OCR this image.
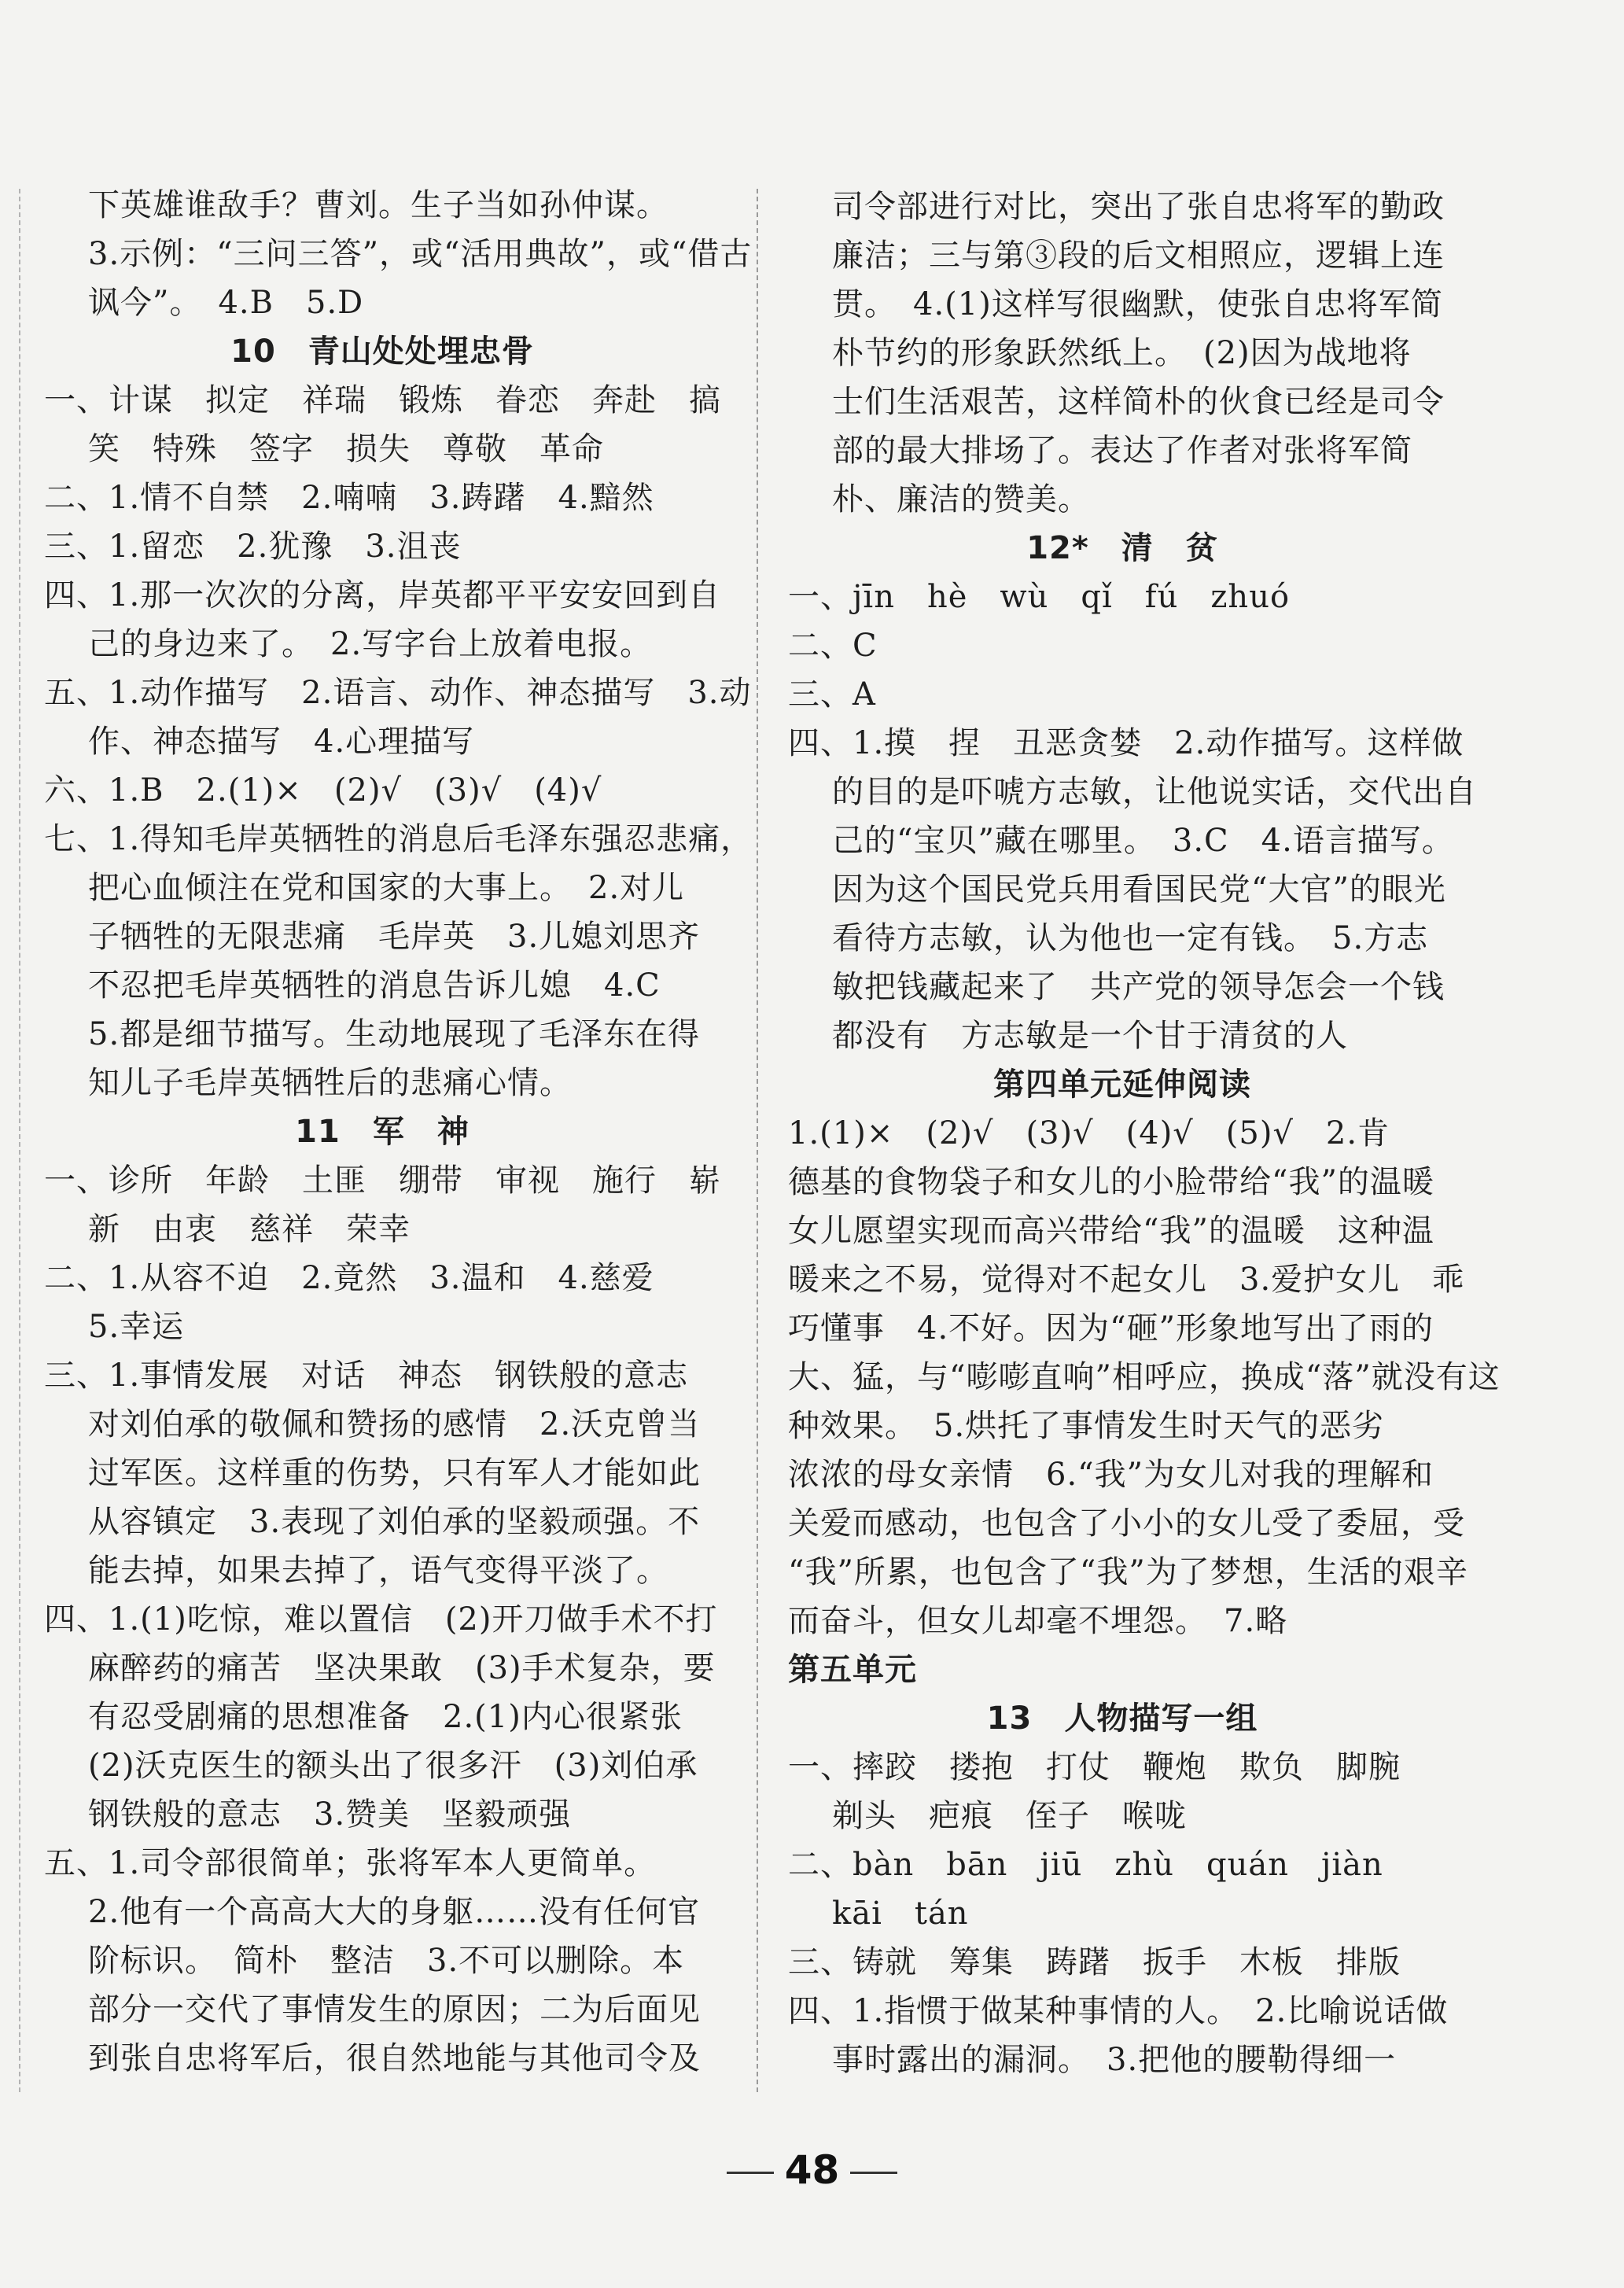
下英雄谁敌手？曹刘。生子当如孙仲谋。
3.示例：“三问三答”，或“活用典故”，或“借古
讽今”。　4.B　5.D
10　青山处处埋忠骨
一、计谋　拟定　祥瑞　锻炼　眷恋　奔赴　搞
笑　特殊　签字　损失　尊敬　革命
二、1.情不自禁　2.喃喃　3.踌躇　4.黯然
三、1.留恋　2.犹豫　3.沮丧
四、1.那一次次的分离，岸英都平平安安回到自
己的身边来了。　2.写字台上放着电报。
五、1.动作描写　2.语言、动作、神态描写　3.动
作、神态描写　4.心理描写
六、1.B　2.(1)×　(2)√　(3)√　(4)√
七、1.得知毛岸英牺牲的消息后毛泽东强忍悲痛，
把心血倾注在党和国家的大事上。　2.对儿
子牺牲的无限悲痛　毛岸英　3.儿媳刘思齐
不忍把毛岸英牺牲的消息告诉儿媳　4.C
5.都是细节描写。生动地展现了毛泽东在得
知儿子毛岸英牺牲后的悲痛心情。
11　军　神
一、诊所　年龄　土匪　绷带　审视　施行　崭
新　由衷　慈祥　荣幸
二、1.从容不迫　2.竟然　3.温和　4.慈爱
5.幸运
三、1.事情发展　对话　神态　钢铁般的意志
对刘伯承的敬佩和赞扬的感情　2.沃克曾当
过军医。这样重的伤势，只有军人才能如此
从容镇定　3.表现了刘伯承的坚毅顽强。不
能去掉，如果去掉了，语气变得平淡了。
四、1.(1)吃惊，难以置信　(2)开刀做手术不打
麻醉药的痛苦　坚决果敢　(3)手术复杂，要
有忍受剧痛的思想准备　2.(1)内心很紧张
(2)沃克医生的额头出了很多汗　(3)刘伯承
钢铁般的意志　3.赞美　坚毅顽强
五、1.司令部很简单；张将军本人更简单。
2.他有一个高高大大的身躯……没有任何官
阶标识。　简朴　整洁　3.不可以删除。本
部分一交代了事情发生的原因；二为后面见
到张自忠将军后，很自然地能与其他司令及
司令部进行对比，突出了张自忠将军的勤政
廉洁；三与第③段的后文相照应，逻辑上连
贯。　4.(1)这样写很幽默，使张自忠将军简
朴节约的形象跃然纸上。　(2)因为战地将
士们生活艰苦，这样简朴的伙食已经是司令
部的最大排场了。表达了作者对张将军简
朴、廉洁的赞美。
12*　清　贫
一、jīn　hè　wù　qǐ　fú　zhuó
二、C
三、A
四、1.摸　捏　丑恶贪婪　2.动作描写。这样做
的目的是吓唬方志敏，让他说实话，交代出自
己的“宝贝”藏在哪里。　3.C　4.语言描写。
因为这个国民党兵用看国民党“大官”的眼光
看待方志敏，认为他也一定有钱。　5.方志
敏把钱藏起来了　共产党的领导怎会一个钱
都没有　方志敏是一个甘于清贫的人
第四单元延伸阅读
1.(1)×　(2)√　(3)√　(4)√　(5)√　2.肯
德基的食物袋子和女儿的小脸带给“我”的温暖
女儿愿望实现而高兴带给“我”的温暖　这种温
暖来之不易，觉得对不起女儿　3.爱护女儿　乖
巧懂事　4.不好。因为“砸”形象地写出了雨的
大、猛，与“嘭嘭直响”相呼应，换成“落”就没有这
种效果。　5.烘托了事情发生时天气的恶劣
浓浓的母女亲情　6.“我”为女儿对我的理解和
关爱而感动，也包含了小小的女儿受了委屈，受
“我”所累，也包含了“我”为了梦想，生活的艰辛
而奋斗，但女儿却毫不埋怨。　7.略
第五单元
13　人物描写一组
一、摔跤　搂抱　打仗　鞭炮　欺负　脚腕
剃头　疤痕　侄子　喉咙
二、bàn　bān　jiū　zhù　quán　jiàn
kāi　tán
三、铸就　筹集　踌躇　扳手　木板　排版
四、1.指惯于做某种事情的人。　2.比喻说话做
事时露出的漏洞。　3.把他的腰勒得细一
48
